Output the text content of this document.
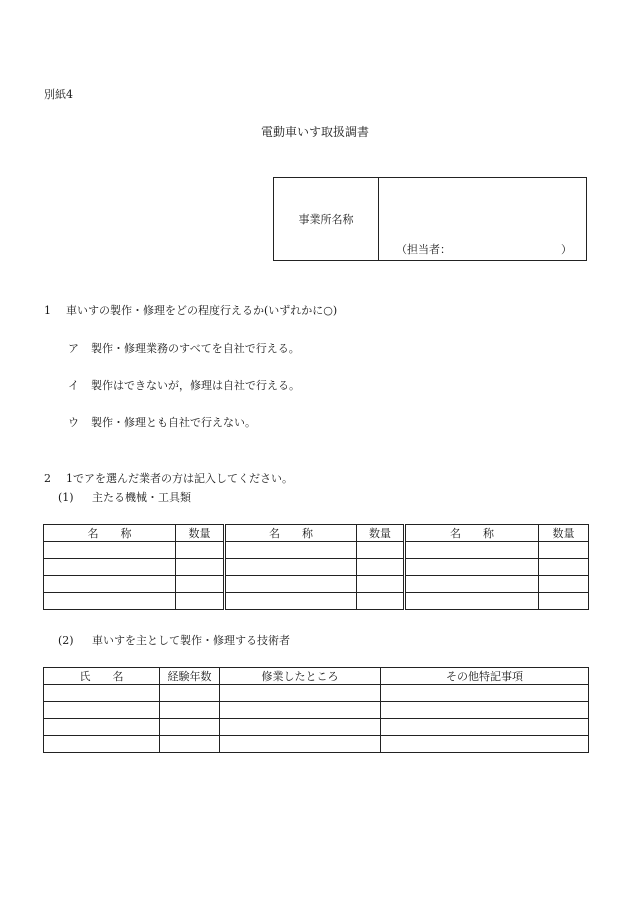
別紙4
電動車いす取扱調書
事業所名称
（担当者：	）
1 車いすの製作・修理をどの程度行えるか(いずれかに○)
ア 製作・修理業務のすべてを自社で行える。
イ 製作はできないが，修理は自社で行える。
ウ 製作・修理とも自社で行えない。
2 1でアを選んだ業者の方は記入してください。
(1) 主たる機械・工具類
名　　称	数量	名　　称	数量	名　　称	数量

(2) 車いすを主として製作・修理する技術者
氏　　名	経験年数	修業したところ	その他特記事項
